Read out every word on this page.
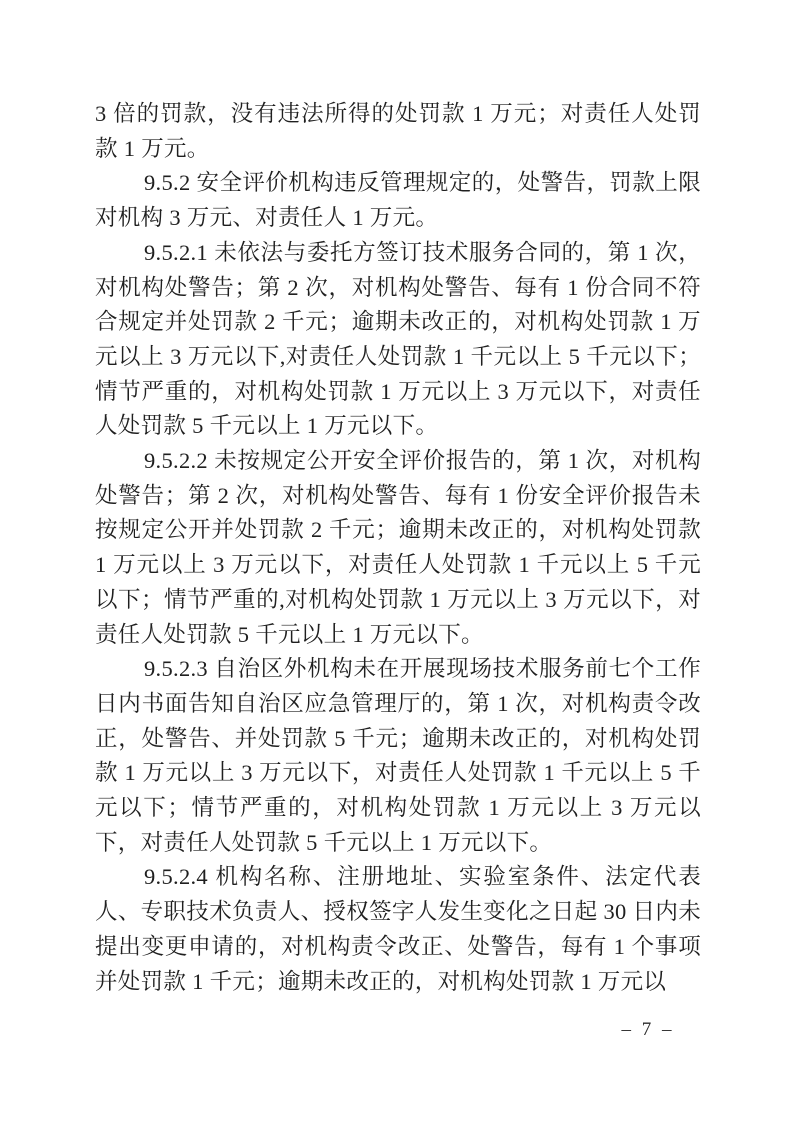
3 倍的罚款，没有违法所得的处罚款 1 万元；对责任人处罚款 1 万元。

9.5.2 安全评价机构违反管理规定的，处警告，罚款上限对机构 3 万元、对责任人 1 万元。

9.5.2.1 未依法与委托方签订技术服务合同的，第 1 次，对机构处警告；第 2 次，对机构处警告、每有 1 份合同不符合规定并处罚款 2 千元；逾期未改正的，对机构处罚款 1 万元以上 3 万元以下,对责任人处罚款 1 千元以上 5 千元以下；情节严重的，对机构处罚款 1 万元以上 3 万元以下，对责任人处罚款 5 千元以上 1 万元以下。

9.5.2.2 未按规定公开安全评价报告的，第 1 次，对机构处警告；第 2 次，对机构处警告、每有 1 份安全评价报告未按规定公开并处罚款 2 千元；逾期未改正的，对机构处罚款 1 万元以上 3 万元以下，对责任人处罚款 1 千元以上 5 千元以下；情节严重的,对机构处罚款 1 万元以上 3 万元以下，对责任人处罚款 5 千元以上 1 万元以下。

9.5.2.3 自治区外机构未在开展现场技术服务前七个工作日内书面告知自治区应急管理厅的，第 1 次，对机构责令改正，处警告、并处罚款 5 千元；逾期未改正的，对机构处罚款 1 万元以上 3 万元以下，对责任人处罚款 1 千元以上 5 千元以下；情节严重的，对机构处罚款 1 万元以上 3 万元以下，对责任人处罚款 5 千元以上 1 万元以下。

9.5.2.4 机构名称、注册地址、实验室条件、法定代表人、专职技术负责人、授权签字人发生变化之日起 30 日内未提出变更申请的，对机构责令改正、处警告，每有 1 个事项并处罚款 1 千元；逾期未改正的，对机构处罚款 1 万元以

– 7 –
